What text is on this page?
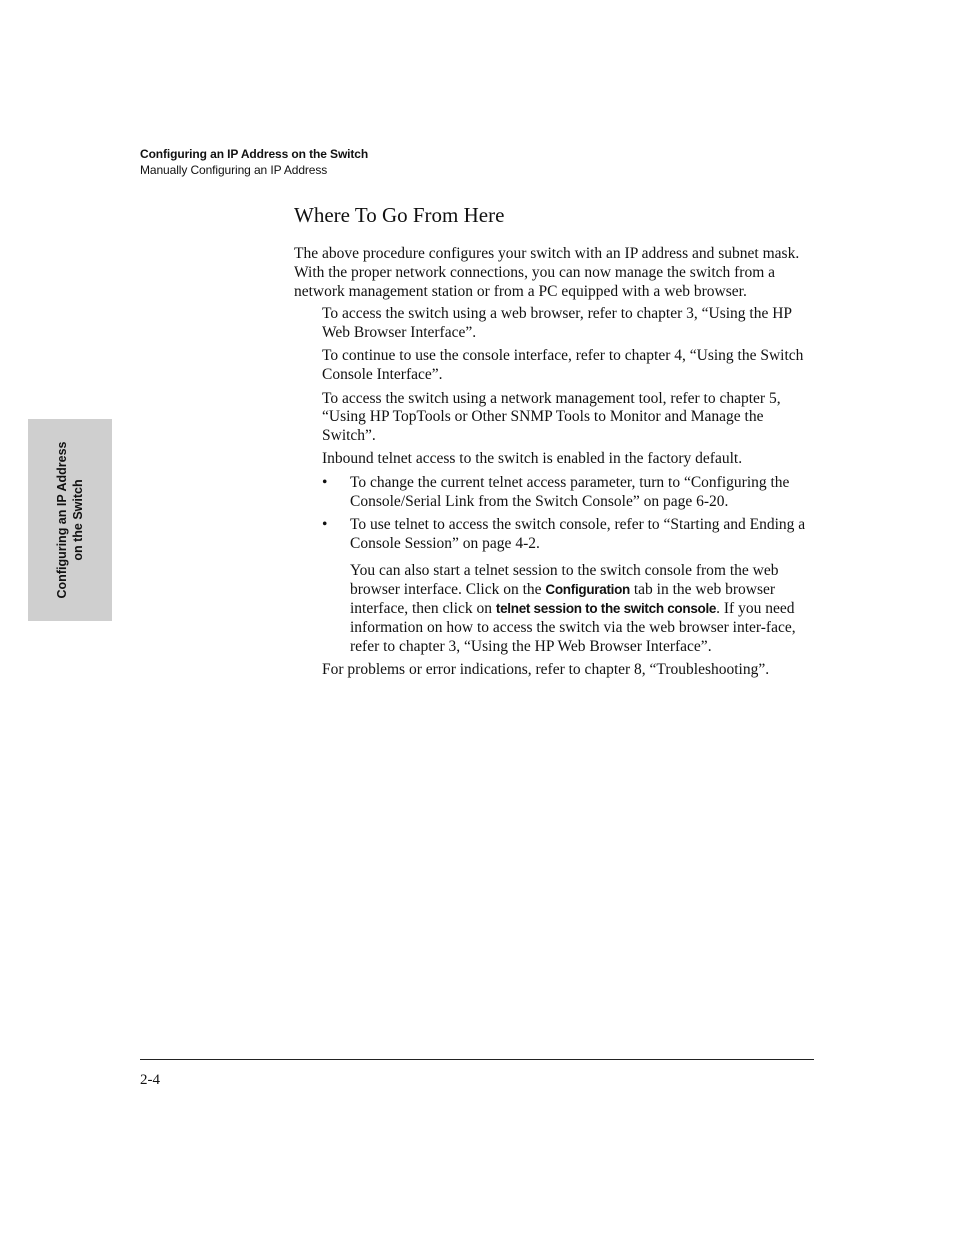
Configuring an IP Address on the Switch
Manually Configuring an IP Address
Configuring an IP Address on the Switch
Where To Go From Here

The above procedure configures your switch with an IP address and subnet mask. With the proper network connections, you can now manage the switch from a network management station or from a PC equipped with a web browser.

To access the switch using a web browser, refer to chapter 3, “Using the HP Web Browser Interface”.

To continue to use the console interface, refer to chapter 4, “Using the Switch Console Interface”.

To access the switch using a network management tool, refer to chapter 5, “Using HP TopTools or Other SNMP Tools to Monitor and Manage the Switch”.

Inbound telnet access to the switch is enabled in the factory default.

• To change the current telnet access parameter, turn to “Configuring the Console/Serial Link from the Switch Console” on page 6-20.
• To use telnet to access the switch console, refer to “Starting and Ending a Console Session” on page 4-2.

You can also start a telnet session to the switch console from the web browser interface. Click on the Configuration tab in the web browser interface, then click on telnet session to the switch console. If you need information on how to access the switch via the web browser inter-face, refer to chapter 3, “Using the HP Web Browser Interface”.

For problems or error indications, refer to chapter 8, “Troubleshooting”.

2-4
